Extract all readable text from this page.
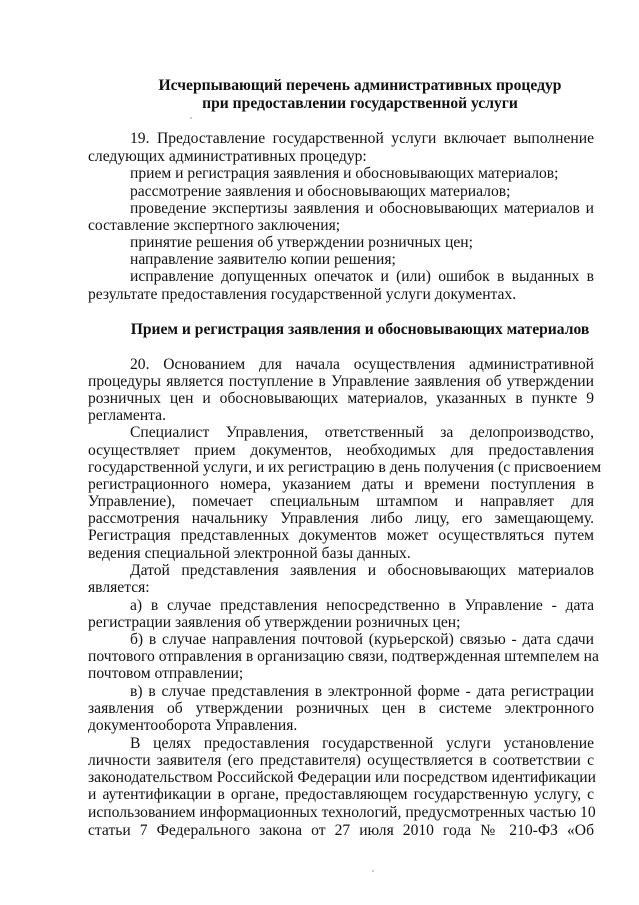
Исчерпывающий перечень административных процедур
при предоставлении государственной услуги
19. Предоставление государственной услуги включает выполнение
следующих административных процедур:
прием и регистрация заявления и обосновывающих материалов;
рассмотрение заявления и обосновывающих материалов;
проведение экспертизы заявления и обосновывающих материалов и
составление экспертного заключения;
принятие решения об утверждении розничных цен;
направление заявителю копии решения;
исправление допущенных опечаток и (или) ошибок в выданных в
результате предоставления государственной услуги документах.
Прием и регистрация заявления и обосновывающих материалов
20. Основанием для начала осуществления административной
процедуры является поступление в Управление заявления об утверждении
розничных цен и обосновывающих материалов, указанных в пункте 9
регламента.
Специалист Управления, ответственный за делопроизводство,
осуществляет прием документов, необходимых для предоставления
государственной услуги, и их регистрацию в день получения (с присвоением
регистрационного номера, указанием даты и времени поступления в
Управление), помечает специальным штампом и направляет для
рассмотрения начальнику Управления либо лицу, его замещающему.
Регистрация представленных документов может осуществляться путем
ведения специальной электронной базы данных.
Датой представления заявления и обосновывающих материалов
является:
а) в случае представления непосредственно в Управление - дата
регистрации заявления об утверждении розничных цен;
б) в случае направления почтовой (курьерской) связью - дата сдачи
почтового отправления в организацию связи, подтвержденная штемпелем на
почтовом отправлении;
в) в случае представления в электронной форме - дата регистрации
заявления об утверждении розничных цен в системе электронного
документооборота Управления.
В целях предоставления государственной услуги установление
личности заявителя (его представителя) осуществляется в соответствии с
законодательством Российской Федерации или посредством идентификации
и аутентификации в органе, предоставляющем государственную услугу, с
использованием информационных технологий, предусмотренных частью 10
статьи 7 Федерального закона от 27 июля 2010 года № 210-ФЗ «Об
